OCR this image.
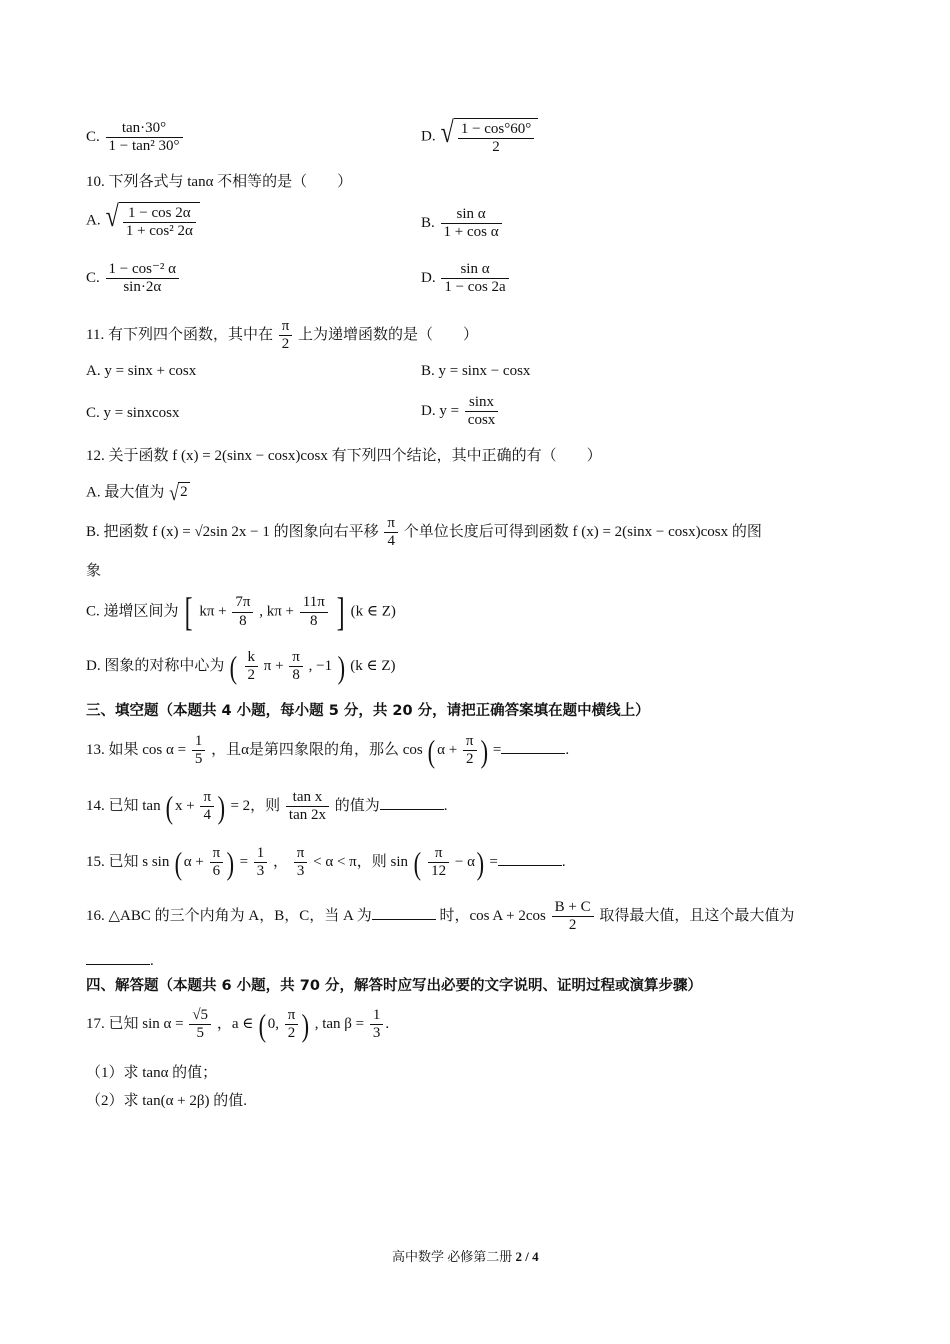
C. $\frac{\tan\cdot 30^\circ}{\text{1 − tan² 30°}}$	D. √ $\frac{1 - \cos^\circ 60^\circ}{2}$
10. 下列各式与 tanα 不相等的是（　　）
A. √ $\frac{1 - \cos 2\alpha}{\text{1 + cos² 2α}}$	B. $\frac{\text{sin α}}{\text{1 + cos α}}$
C. $\frac{\text{1 − cos⁻² α}}{\sin\cdot 2\alpha}$	D. $\frac{\text{sin α}}{1 - \cos 2a}$
11. 有下列四个函数，其中在 $\frac{\pi}{2}$ 上为递增函数的是（　　）
A. y = sinx + cosx	B. y = sinx − cosx
C. y = sinxcosx	D. $y = \frac{\sin x}{\cos x}$
12. 关于函数 f (x) = 2(sinx − cosx)cosx 有下列四个结论，其中正确的有（　　）
A. 最大值为 √ 2
B. 把函数 f (x) = √2sin 2x − 1 的图象向右平移 $\frac{\pi}{4}$ 个单位长度后可得到函数 f (x) = 2(sinx − cosx)cosx 的图
象
C. 递增区间为 [ $k\pi + \frac{7\pi}{8}$ , $k\pi + \frac{11\pi}{8}$ ] (k ∈ Z)
D. 图象的对称中心为 ( $\frac{k}{2}$ $\pi + \frac{\pi}{8}$ , −1 ) (k ∈ Z)
三、填空题（本题共 4 小题，每小题 5 分，共 20 分，请把正确答案填在题中横线上）
13. 如果 $\cos \alpha = \frac{1}{5}$ ，且α是第四象限的角，那么 cos ( $\alpha + \frac{\pi}{2}$ ) =	.
14. 已知 tan ( $x + \frac{\pi}{4}$ ) = 2，则 $\frac{\text{tan x}}{\tan 2x}$ 的值为	.
15. 已知 s sin ( $\alpha + \frac{\pi}{6}$ ) = $\frac{1}{3}$ ， $\frac{\pi}{3} < \alpha < \pi$，则 sin ( $\frac{\pi}{12} - \alpha$) =	.
16. △ABC 的三个内角为 A，B，C，当 A 为	时，$\cos A + 2\cos \frac{B + C}{2}$ 取得最大值，且这个最大值为
.
四、解答题（本题共 6 小题，共 70 分，解答时应写出必要的文字说明、证明过程或演算步骤）
17. 已知 $\sin \alpha = \frac{√5}{5}$ ，a ∈ ( 0, $\frac{\pi}{2}$ ) , $\tan \beta = \frac{1}{3}$ .
（1）求 tanα 的值；
（2）求 tan(α + 2β) 的值.
高中数学 必修第二册 2 / 4
